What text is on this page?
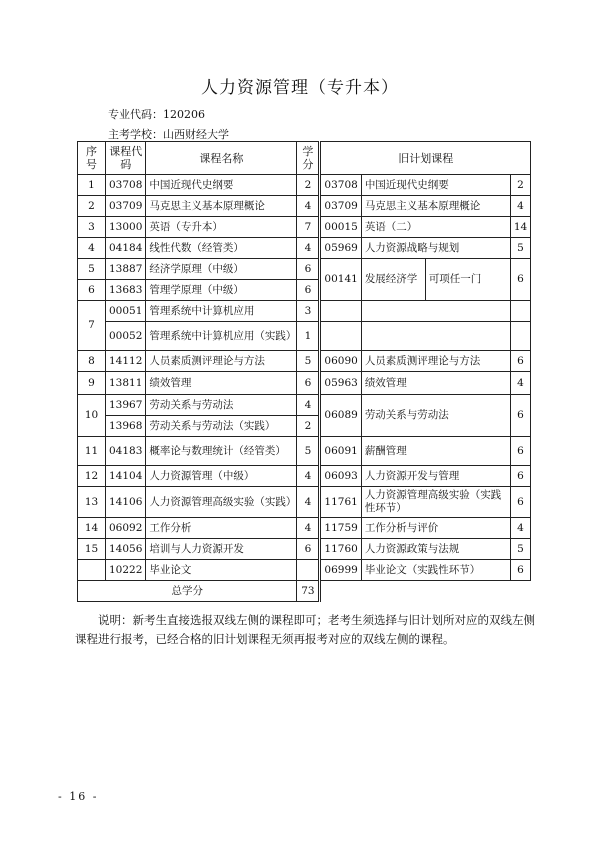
人力资源管理（专升本）
专业代码：120206
主考学校：山西财经大学
序号	课程代码	课程名称	学分	旧计划课程			
1	03708	中国近现代史纲要	2	03708	中国近现代史纲要		2
2	03709	马克思主义基本原理概论	4	03709	马克思主义基本原理概论		4
3	13000	英语（专升本）	7	00015	英语（二）		14
4	04184	线性代数（经管类）	4	05969	人力资源战略与规划		5
5	13887	经济学原理（中级）	6	00141	发展经济学	可项任一门	6
6	13683	管理学原理（中级）	6				
7	00051	管理系统中计算机应用	3				
	00052	管理系统中计算机应用（实践）	1				
8	14112	人员素质测评理论与方法	5	06090	人员素质测评理论与方法		6
9	13811	绩效管理	6	05963	绩效管理		4
10	13967	劳动关系与劳动法	4	06089	劳动关系与劳动法		6
	13968	劳动关系与劳动法（实践）	2				
11	04183	概率论与数理统计（经管类）	5	06091	薪酬管理		6
12	14104	人力资源管理（中级）	4	06093	人力资源开发与管理		6
13	14106	人力资源管理高级实验（实践）	4	11761	人力资源管理高级实验（实践性环节）		6
14	06092	工作分析	4	11759	工作分析与评价		4
15	14056	培训与人力资源开发	6	11760	人力资源政策与法规		5
	10222	毕业论文		06999	毕业论文（实践性环节）		6
总学分			73				
说明：新考生直接选报双线左侧的课程即可；老考生须选择与旧计划所对应的双线左侧课程进行报考，已经合格的旧计划课程无须再报考对应的双线左侧的课程。
- 16 -
